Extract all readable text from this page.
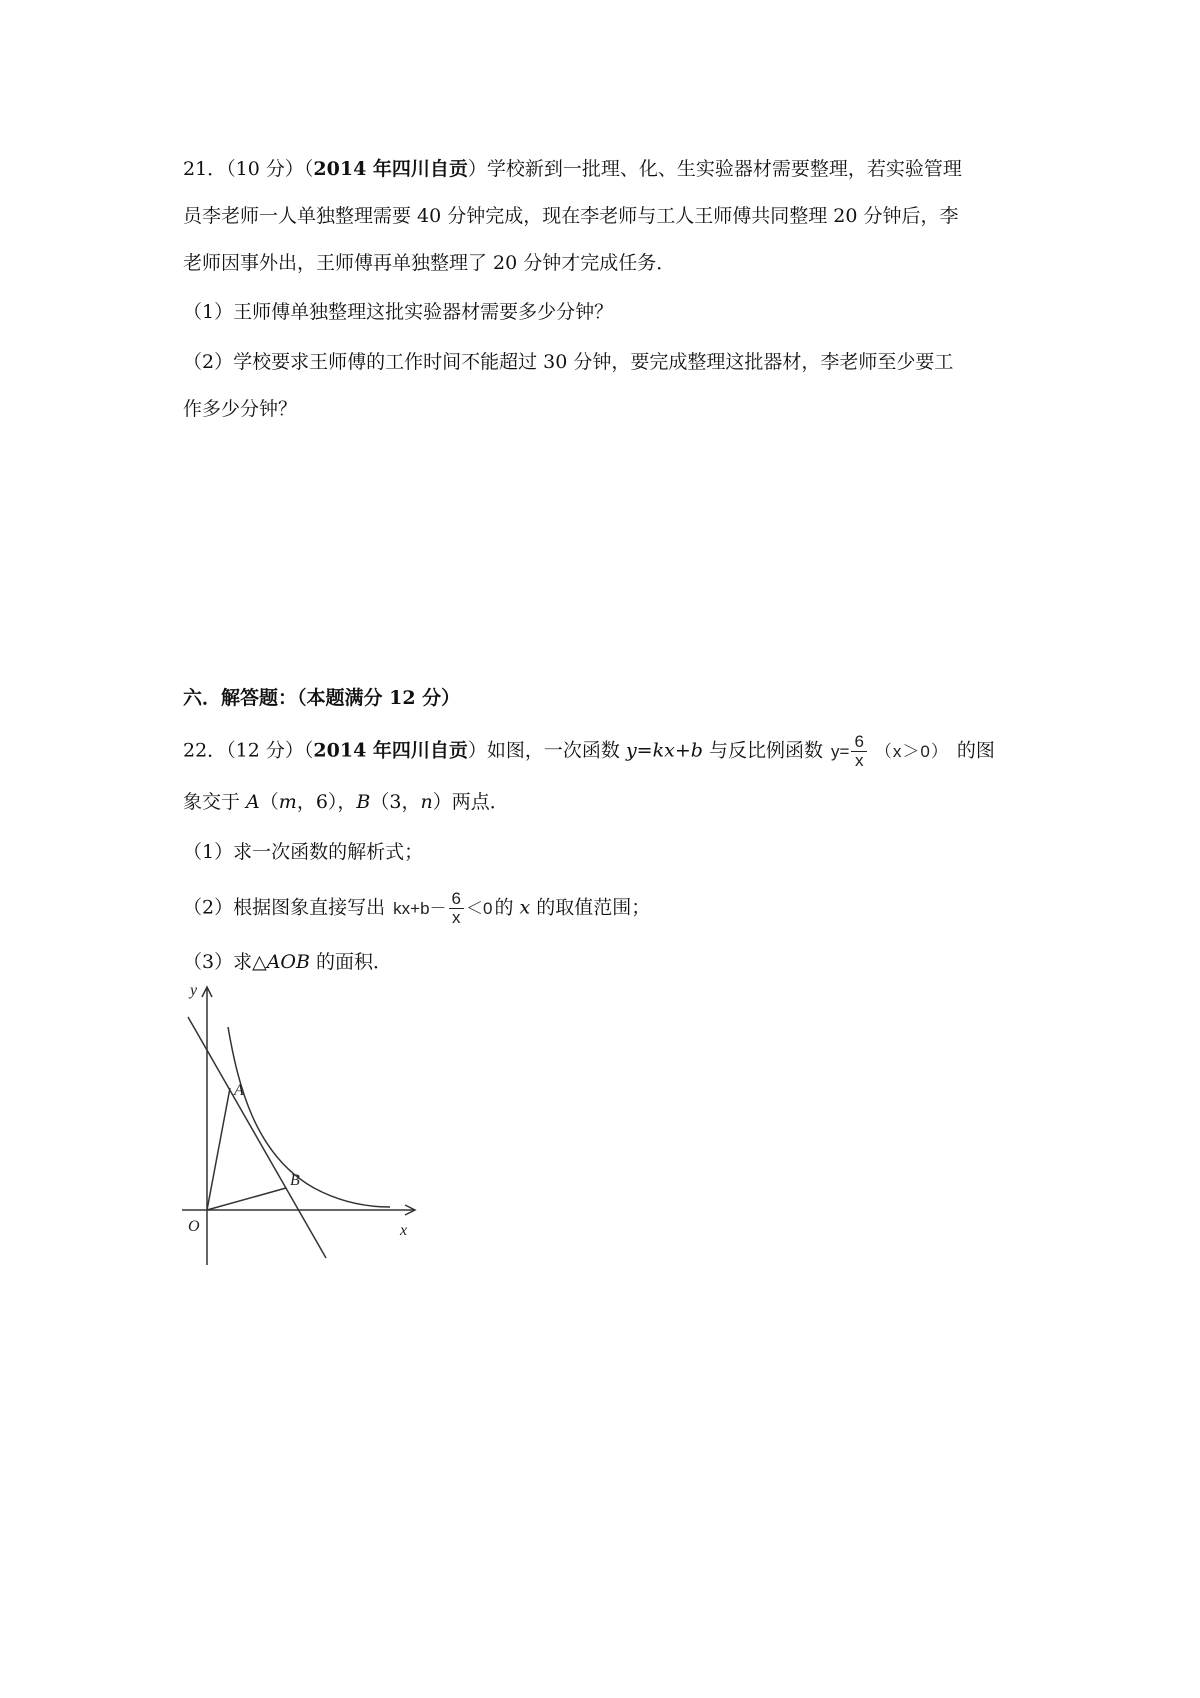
21．（10 分）（2014 年四川自贡）学校新到一批理、化、生实验器材需要整理，若实验管理
员李老师一人单独整理需要 40 分钟完成，现在李老师与工人王师傅共同整理 20 分钟后，李
老师因事外出，王师傅再单独整理了 20 分钟才完成任务．
（1）王师傅单独整理这批实验器材需要多少分钟？
（2）学校要求王师傅的工作时间不能超过 30 分钟，要完成整理这批器材，李老师至少要工
作多少分钟？
六．解答题：（本题满分 12 分）
22．（12 分）（2014 年四川自贡）如图，一次函数 y=kx+b 与反比例函数 $y= \frac{6}{x} (x>0)$ 的图
象交于 A（m，6），B（3，n）两点．
（1）求一次函数的解析式；
（2）根据图象直接写出 $kx+b- \frac{6}{x} <0$ 的 x 的取值范围；
（3）求△AOB 的面积．
y
x
O
A
B
